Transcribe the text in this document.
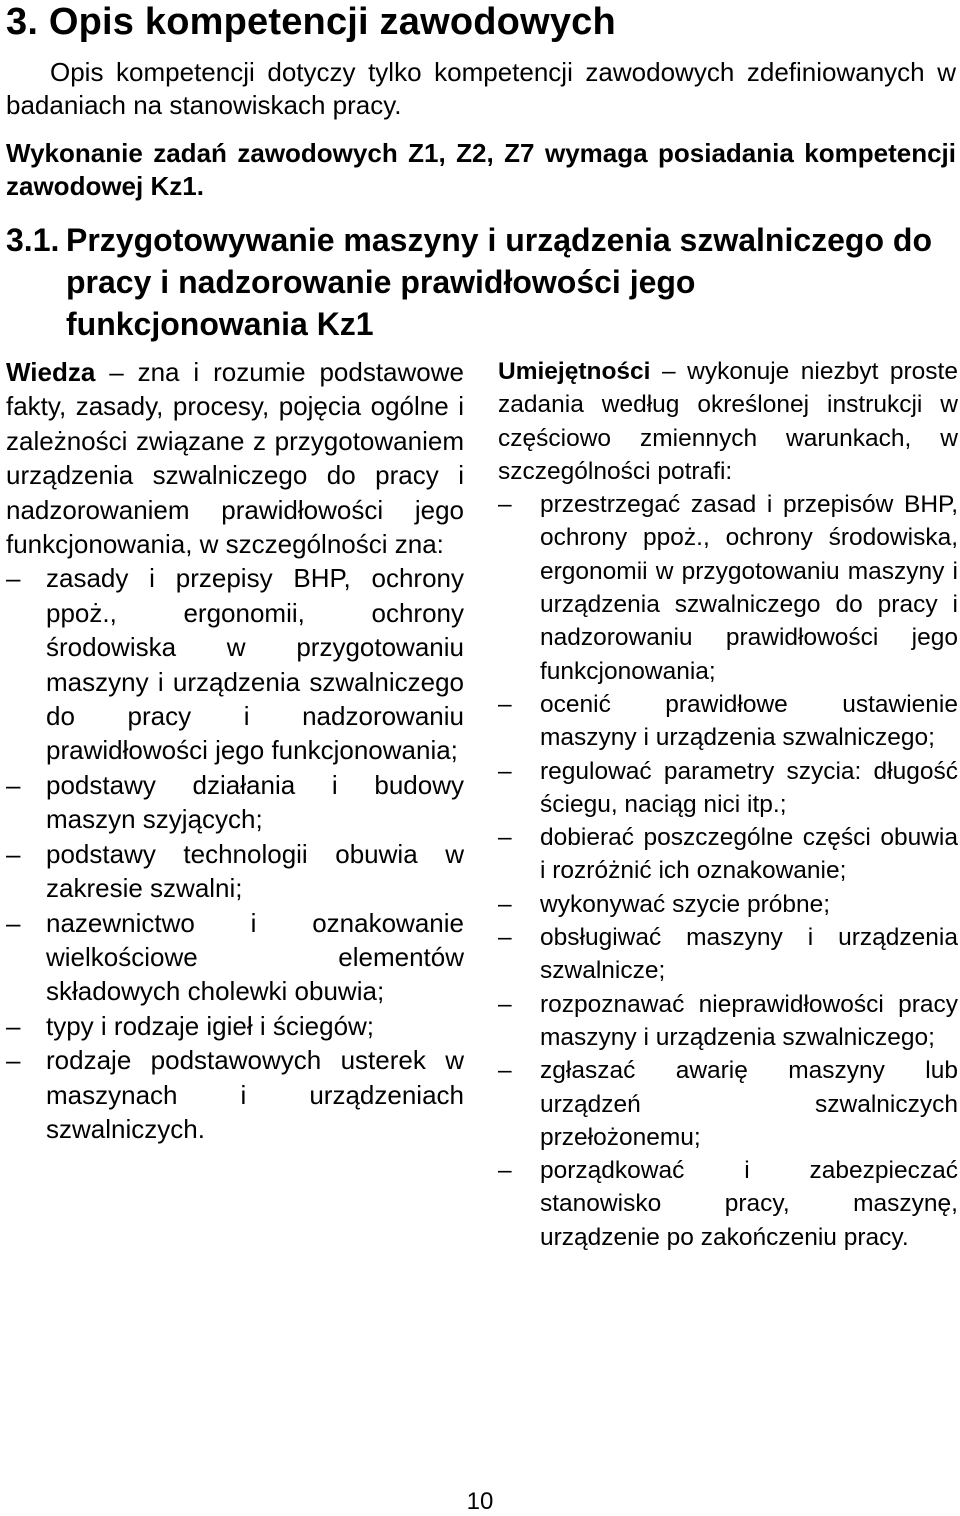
3. Opis kompetencji zawodowych

Opis kompetencji dotyczy tylko kompetencji zawodowych zdefiniowanych w badaniach na stanowiskach pracy.

Wykonanie zadań zawodowych Z1, Z2, Z7 wymaga posiadania kompetencji zawodowej Kz1.

3.1. Przygotowywanie maszyny i urządzenia szwalniczego do pracy i nadzorowanie prawidłowości jego funkcjonowania Kz1

Wiedza – zna i rozumie podstawowe fakty, zasady, procesy, pojęcia ogólne i zależności związane z przygotowaniem urządzenia szwalniczego do pracy i nadzorowaniem prawidłowości jego funkcjonowania, w szczególności zna:

– zasady i przepisy BHP, ochrony ppoż., ergonomii, ochrony środowiska w przygotowaniu maszyny i urządzenia szwalniczego do pracy i nadzorowaniu prawidłowości jego funkcjonowania;
– podstawy działania i budowy maszyn szyjących;
– podstawy technologii obuwia w zakresie szwalni;
– nazewnictwo i oznakowanie wielkościowe elementów składowych cholewki obuwia;
– typy i rodzaje igieł i ściegów;
– rodzaje podstawowych usterek w maszynach i urządzeniach szwalniczych.

Umiejętności – wykonuje niezbyt proste zadania według określonej instrukcji w częściowo zmiennych warunkach, w szczególności potrafi:

– przestrzegać zasad i przepisów BHP, ochrony ppoż., ochrony środowiska, ergonomii w przygotowaniu maszyny i urządzenia szwalniczego do pracy i nadzorowaniu prawidłowości jego funkcjonowania;
– ocenić prawidłowe ustawienie maszyny i urządzenia szwalniczego;
– regulować parametry szycia: długość ściegu, naciąg nici itp.;
– dobierać poszczególne części obuwia i rozróżnić ich oznakowanie;
– wykonywać szycie próbne;
– obsługiwać maszyny i urządzenia szwalnicze;
– rozpoznawać nieprawidłowości pracy maszyny i urządzenia szwalniczego;
– zgłaszać awarię maszyny lub urządzeń szwalniczych przełożonemu;
– porządkować i zabezpieczać stanowisko pracy, maszynę, urządzenie po zakończeniu pracy.
10
